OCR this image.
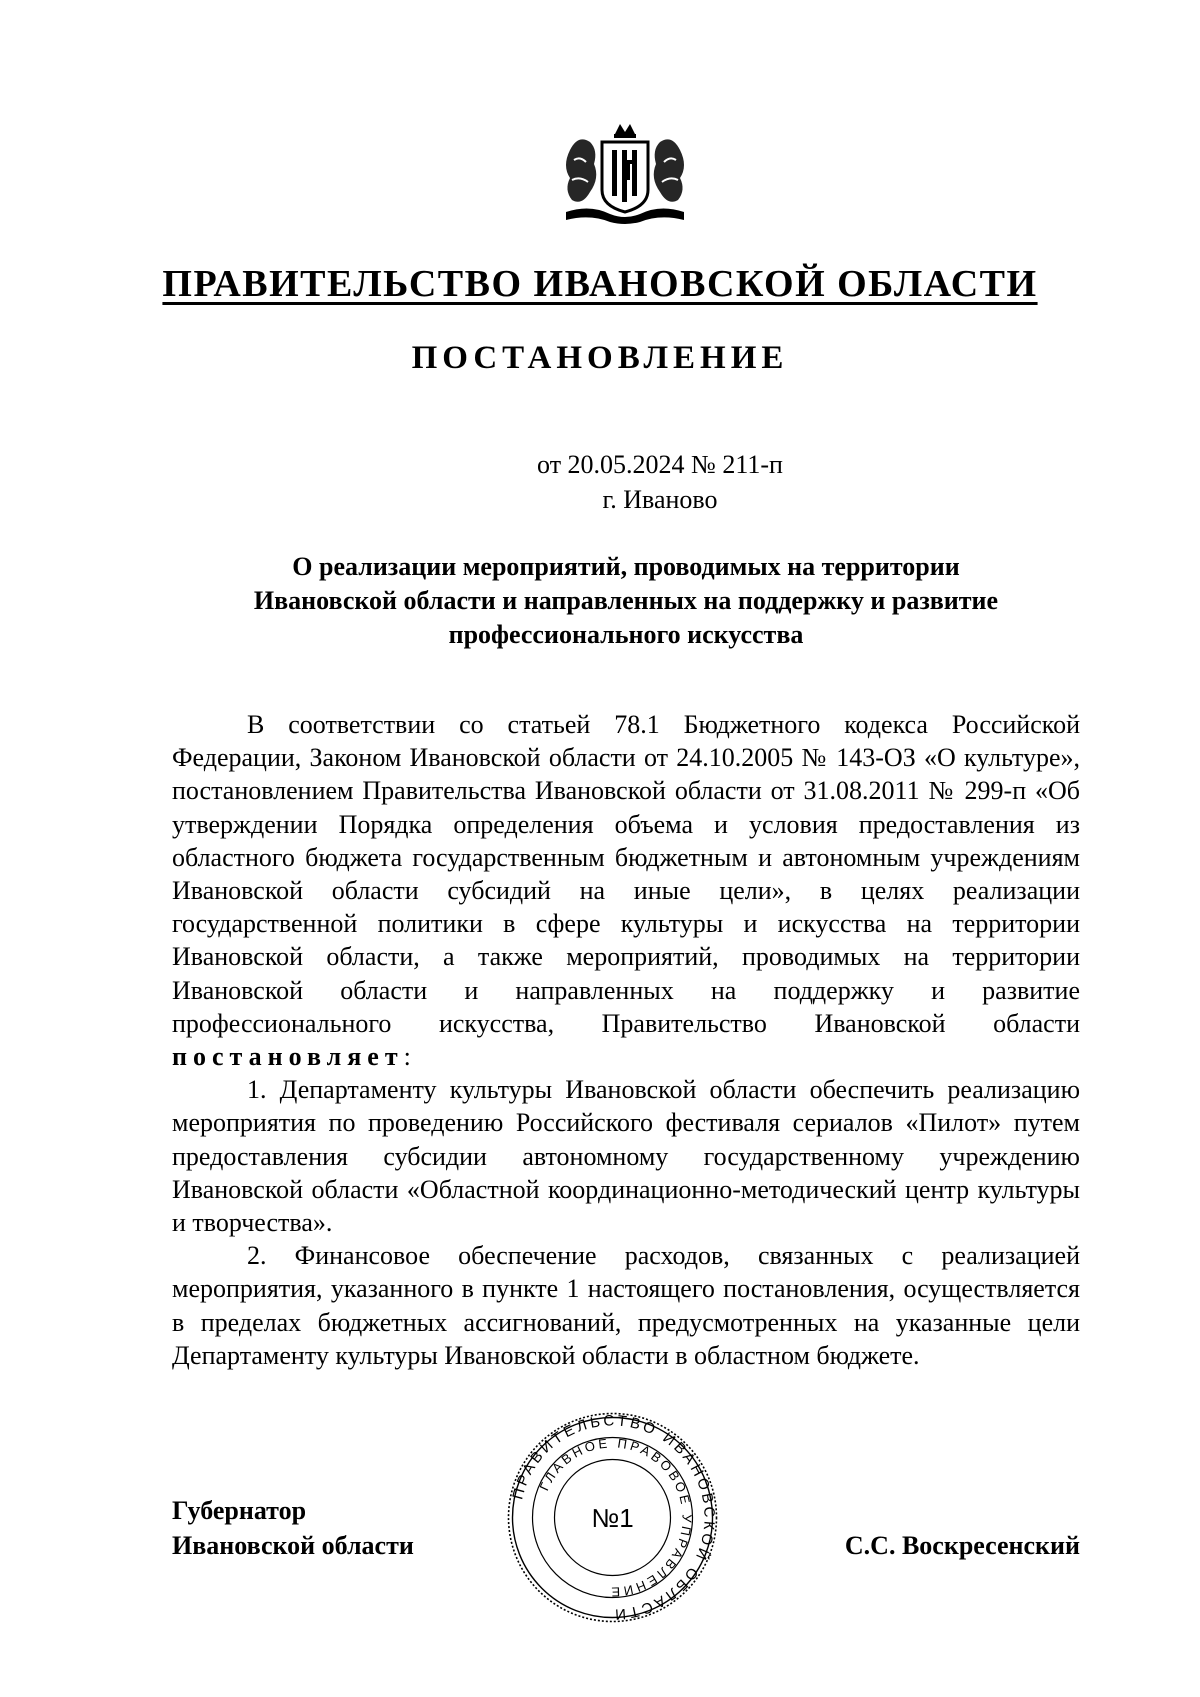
ПРАВИТЕЛЬСТВО ИВАНОВСКОЙ ОБЛАСТИ
ПОСТАНОВЛЕНИЕ
от 20.05.2024 № 211-п
г. Иваново
О реализации мероприятий, проводимых на территории
Ивановской области и направленных на поддержку и развитие
профессионального искусства

В соответствии со статьей 78.1 Бюджетного кодекса Российской Федерации, Законом Ивановской области от 24.10.2005 № 143-ОЗ «О культуре», постановлением Правительства Ивановской области от 31.08.2011 № 299-п «Об утверждении Порядка определения объема и условия предоставления из областного бюджета государственным бюджетным и автономным учреждениям Ивановской области субсидий на иные цели», в целях реализации государственной политики в сфере культуры и искусства на территории Ивановской области, а также мероприятий, проводимых на территории Ивановской области и направленных на поддержку и развитие профессионального искусства, Правительство Ивановской области постановляет:

1. Департаменту культуры Ивановской области обеспечить реализацию мероприятия по проведению Российского фестиваля сериалов «Пилот» путем предоставления субсидии автономному государственному учреждению Ивановской области «Областной координационно-методический центр культуры и творчества».

2. Финансовое обеспечение расходов, связанных с реализацией мероприятия, указанного в пункте 1 настоящего постановления, осуществляется в пределах бюджетных ассигнований, предусмотренных на указанные цели Департаменту культуры Ивановской области в областном бюджете.

Губернатор
Ивановской области
ПРАВИТЕЛЬСТВО ИВАНОВСКОЙ ОБЛАСТИ
ГЛАВНОЕ ПРАВОВОЕ УПРАВЛЕНИЕ
№1
С.С. Воскресенский
